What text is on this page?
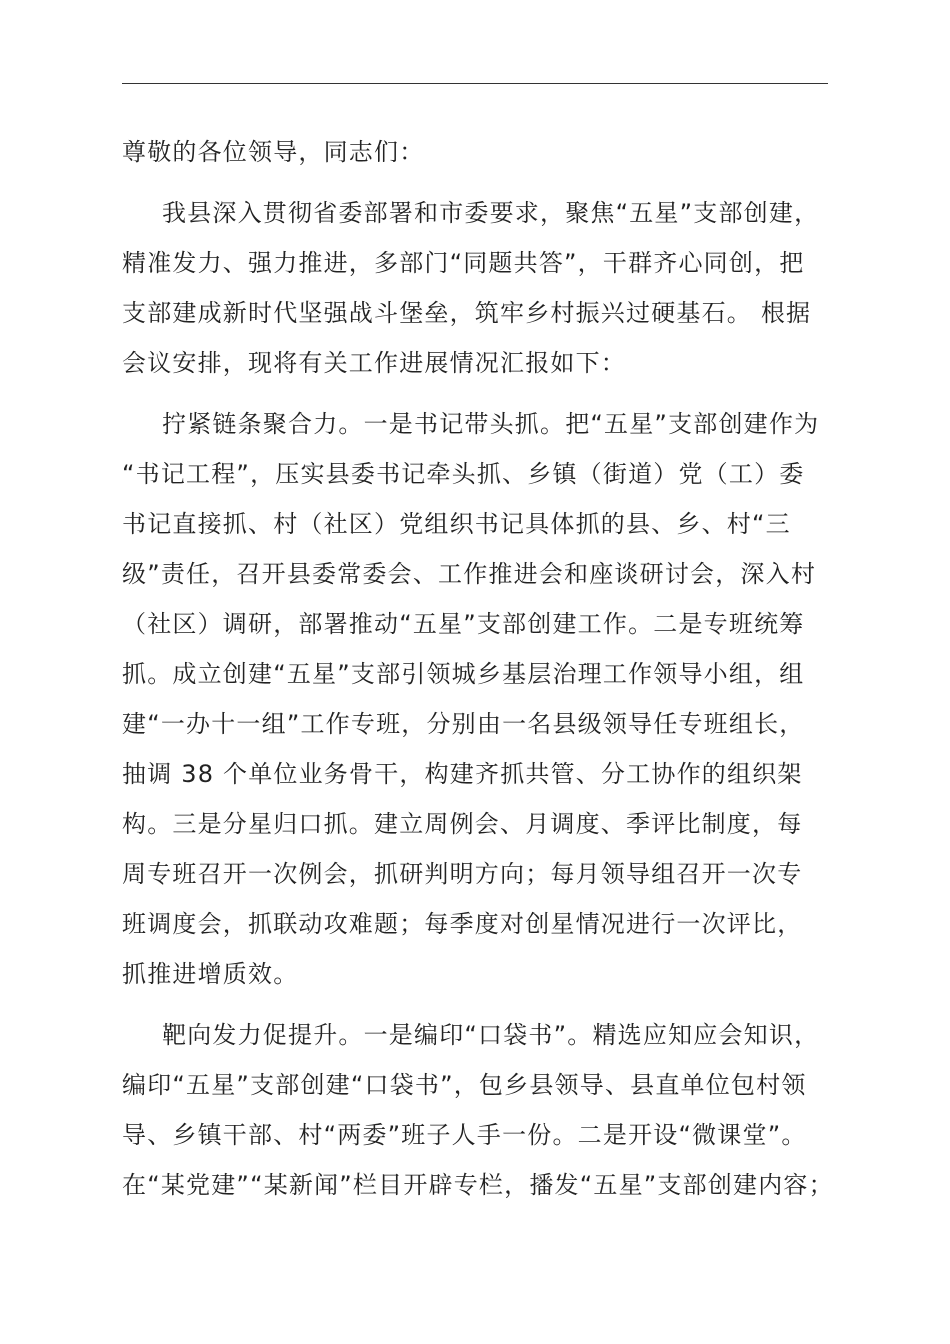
尊敬的各位领导，同志们：
我县深入贯彻省委部署和市委要求，聚焦“五星”支部创建，
精准发力、强力推进，多部门“同题共答”，干群齐心同创，把
支部建成新时代坚强战斗堡垒，筑牢乡村振兴过硬基石。 根据
会议安排，现将有关工作进展情况汇报如下：
拧紧链条聚合力。一是书记带头抓。把“五星”支部创建作为
“书记工程”，压实县委书记牵头抓、乡镇（街道）党（工）委
书记直接抓、村（社区）党组织书记具体抓的县、乡、村“三
级”责任，召开县委常委会、工作推进会和座谈研讨会，深入村
（社区）调研，部署推动“五星”支部创建工作。二是专班统筹
抓。成立创建“五星”支部引领城乡基层治理工作领导小组，组
建“一办十一组”工作专班，分别由一名县级领导任专班组长，
抽调 38 个单位业务骨干，构建齐抓共管、分工协作的组织架
构。三是分星归口抓。建立周例会、月调度、季评比制度，每
周专班召开一次例会，抓研判明方向；每月领导组召开一次专
班调度会，抓联动攻难题；每季度对创星情况进行一次评比，
抓推进增质效。
靶向发力促提升。一是编印“口袋书”。精选应知应会知识，
编印“五星”支部创建“口袋书”，包乡县领导、县直单位包村领
导、乡镇干部、村“两委”班子人手一份。二是开设“微课堂”。
在“某党建”“某新闻”栏目开辟专栏，播发“五星”支部创建内容；
